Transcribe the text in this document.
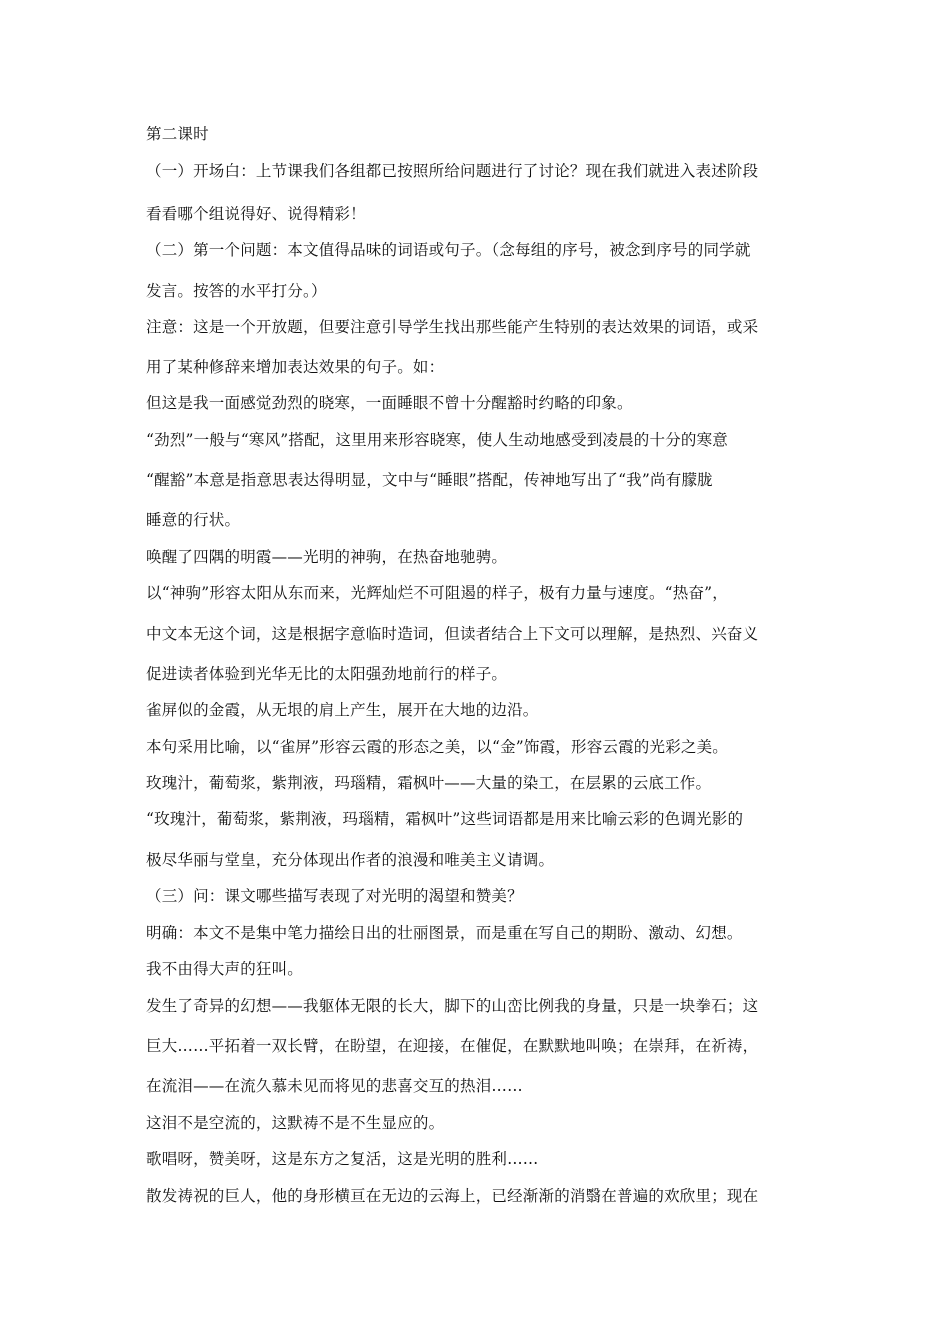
第二课时
（一）开场白：上节课我们各组都已按照所给问题进行了讨论？现在我们就进入表述阶段
看看哪个组说得好、说得精彩！
（二）第一个问题：本文值得品味的词语或句子。（念每组的序号，被念到序号的同学就
发言。按答的水平打分。）
注意：这是一个开放题，但要注意引导学生找出那些能产生特别的表达效果的词语，或采
用了某种修辞来增加表达效果的句子。如：
但这是我一面感觉劲烈的晓寒，一面睡眼不曾十分醒豁时约略的印象。
“劲烈”一般与“寒风”搭配，这里用来形容晓寒，使人生动地感受到凌晨的十分的寒意
“醒豁”本意是指意思表达得明显，文中与“睡眼”搭配，传神地写出了“我”尚有朦胧
睡意的行状。
唤醒了四隅的明霞——光明的神驹，在热奋地驰骋。
以“神驹”形容太阳从东而来，光辉灿烂不可阻遏的样子，极有力量与速度。“热奋”，
中文本无这个词，这是根据字意临时造词，但读者结合上下文可以理解，是热烈、兴奋义
促进读者体验到光华无比的太阳强劲地前行的样子。
雀屏似的金霞，从无垠的肩上产生，展开在大地的边沿。
本句采用比喻，以“雀屏”形容云霞的形态之美，以“金”饰霞，形容云霞的光彩之美。
玫瑰汁，葡萄浆，紫荆液，玛瑙精，霜枫叶——大量的染工，在层累的云底工作。
“玫瑰汁，葡萄浆，紫荆液，玛瑙精，霜枫叶”这些词语都是用来比喻云彩的色调光影的
极尽华丽与堂皇，充分体现出作者的浪漫和唯美主义请调。
（三）问：课文哪些描写表现了对光明的渴望和赞美？
明确：本文不是集中笔力描绘日出的壮丽图景，而是重在写自己的期盼、激动、幻想。
我不由得大声的狂叫。
发生了奇异的幻想——我躯体无限的长大，脚下的山峦比例我的身量，只是一块拳石；这
巨大……平拓着一双长臂，在盼望，在迎接，在催促，在默默地叫唤；在崇拜，在祈祷，
在流泪——在流久慕未见而将见的悲喜交互的热泪……
这泪不是空流的，这默祷不是不生显应的。
歌唱呀，赞美呀，这是东方之复活，这是光明的胜利……
散发祷祝的巨人，他的身形横亘在无边的云海上，已经渐渐的消翳在普遍的欢欣里；现在
